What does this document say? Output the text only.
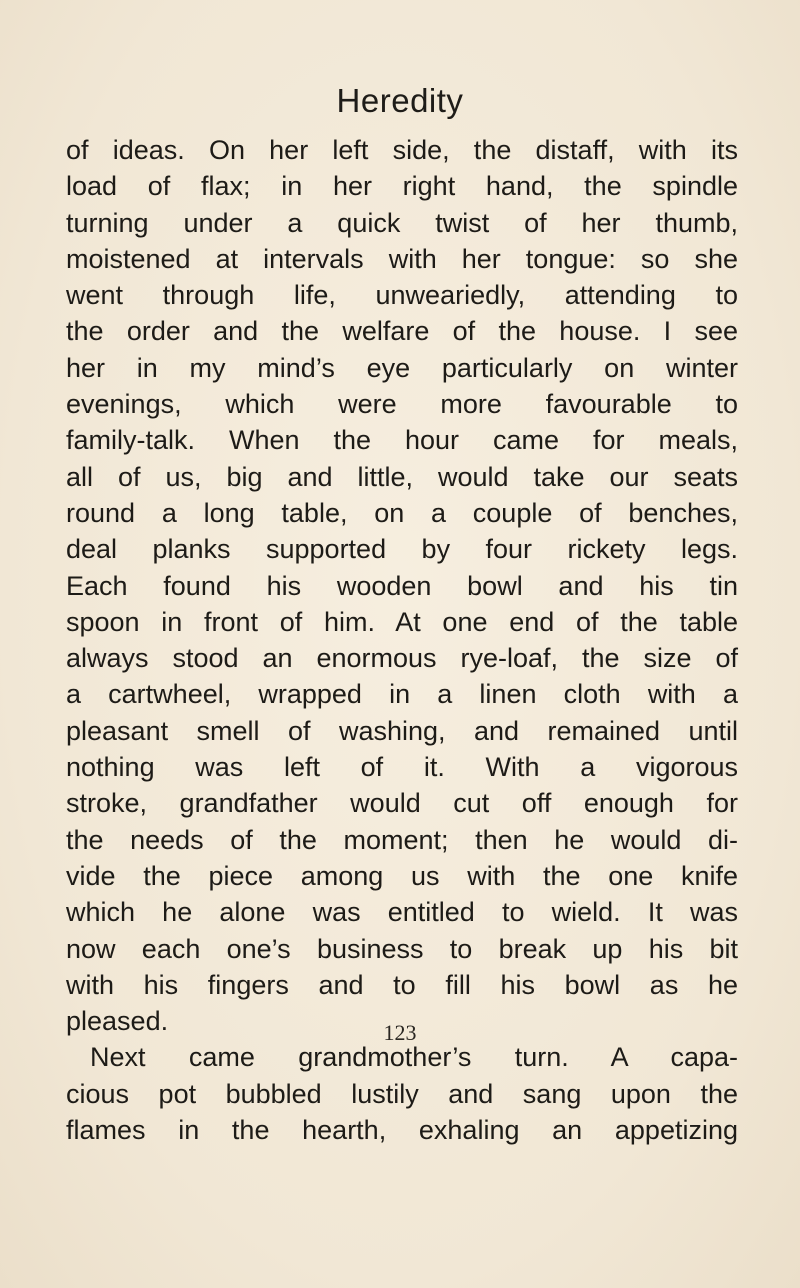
Heredity
of ideas. On her left side, the distaff, with its
load of flax; in her right hand, the spindle
turning under a quick twist of her thumb,
moistened at intervals with her tongue: so she
went through life, unweariedly, attending to
the order and the welfare of the house. I see
her in my mind’s eye particularly on winter
evenings, which were more favourable to
family-talk. When the hour came for meals,
all of us, big and little, would take our seats
round a long table, on a couple of benches,
deal planks supported by four rickety legs.
Each found his wooden bowl and his tin
spoon in front of him. At one end of the table
always stood an enormous rye-loaf, the size of
a cartwheel, wrapped in a linen cloth with a
pleasant smell of washing, and remained until
nothing was left of it. With a vigorous
stroke, grandfather would cut off enough for
the needs of the moment; then he would di-
vide the piece among us with the one knife
which he alone was entitled to wield. It was
now each one’s business to break up his bit
with his fingers and to fill his bowl as he
pleased.
Next came grandmother’s turn. A capa-
cious pot bubbled lustily and sang upon the
flames in the hearth, exhaling an appetizing
123
